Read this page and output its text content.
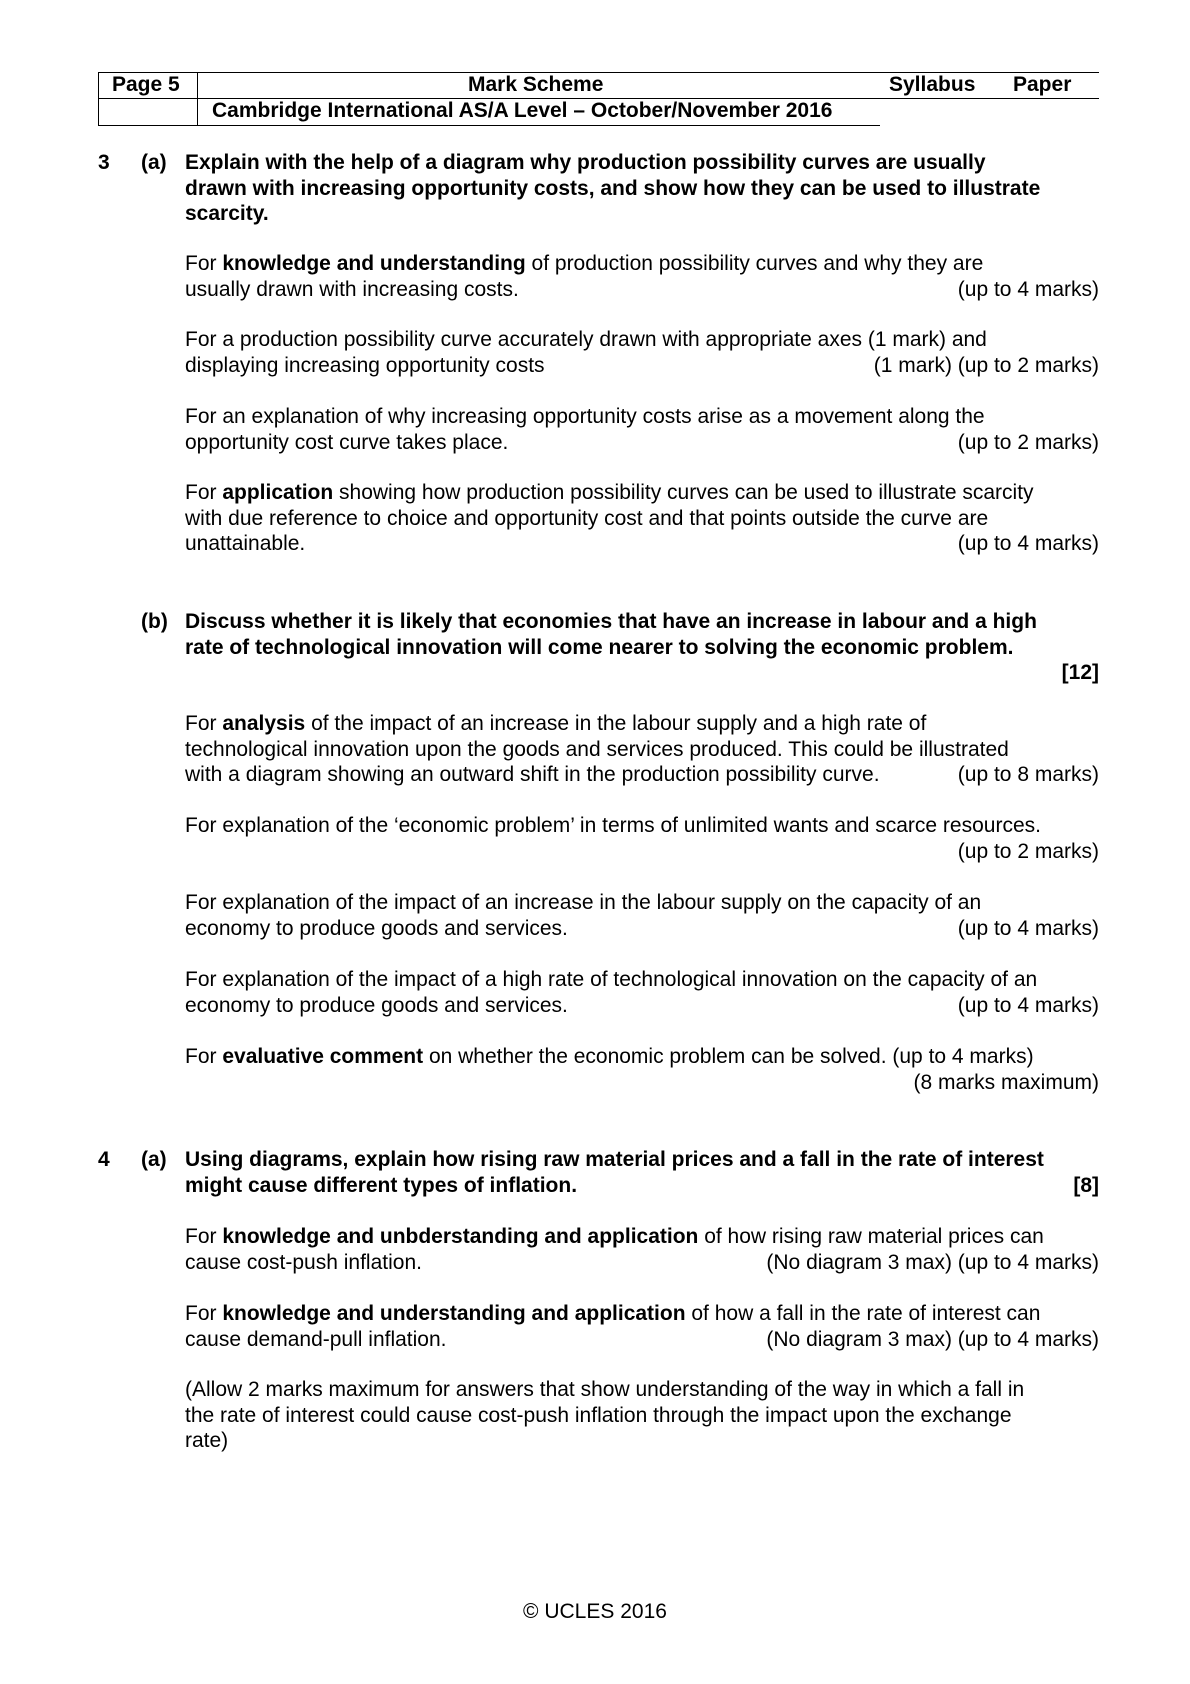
Page 5	Mark Scheme	Syllabus Paper
Cambridge International AS/A Level – October/November 2016
3 (a) Explain with the help of a diagram why production possibility curves are usually
drawn with increasing opportunity costs, and show how they can be used to illustrate
scarcity.
For knowledge and understanding of production possibility curves and why they are
usually drawn with increasing costs.	(up to 4 marks)
For a production possibility curve accurately drawn with appropriate axes (1 mark) and
displaying increasing opportunity costs	(1 mark) (up to 2 marks)
For an explanation of why increasing opportunity costs arise as a movement along the
opportunity cost curve takes place.	(up to 2 marks)
For application showing how production possibility curves can be used to illustrate scarcity
with due reference to choice and opportunity cost and that points outside the curve are
unattainable.	(up to 4 marks)
(b) Discuss whether it is likely that economies that have an increase in labour and a high
rate of technological innovation will come nearer to solving the economic problem.
[12]
For analysis of the impact of an increase in the labour supply and a high rate of
technological innovation upon the goods and services produced. This could be illustrated
with a diagram showing an outward shift in the production possibility curve.	(up to 8 marks)
For explanation of the ‘economic problem’ in terms of unlimited wants and scarce resources.
(up to 2 marks)
For explanation of the impact of an increase in the labour supply on the capacity of an
economy to produce goods and services.	(up to 4 marks)
For explanation of the impact of a high rate of technological innovation on the capacity of an
economy to produce goods and services.	(up to 4 marks)
For evaluative comment on whether the economic problem can be solved. (up to 4 marks)
(8 marks maximum)
4 (a) Using diagrams, explain how rising raw material prices and a fall in the rate of interest
might cause different types of inflation.	[8]
For knowledge and unbderstanding and application of how rising raw material prices can
cause cost-push inflation.	(No diagram 3 max) (up to 4 marks)
For knowledge and understanding and application of how a fall in the rate of interest can
cause demand-pull inflation.	(No diagram 3 max) (up to 4 marks)
(Allow 2 marks maximum for answers that show understanding of the way in which a fall in
the rate of interest could cause cost-push inflation through the impact upon the exchange
rate)
© UCLES 2016
